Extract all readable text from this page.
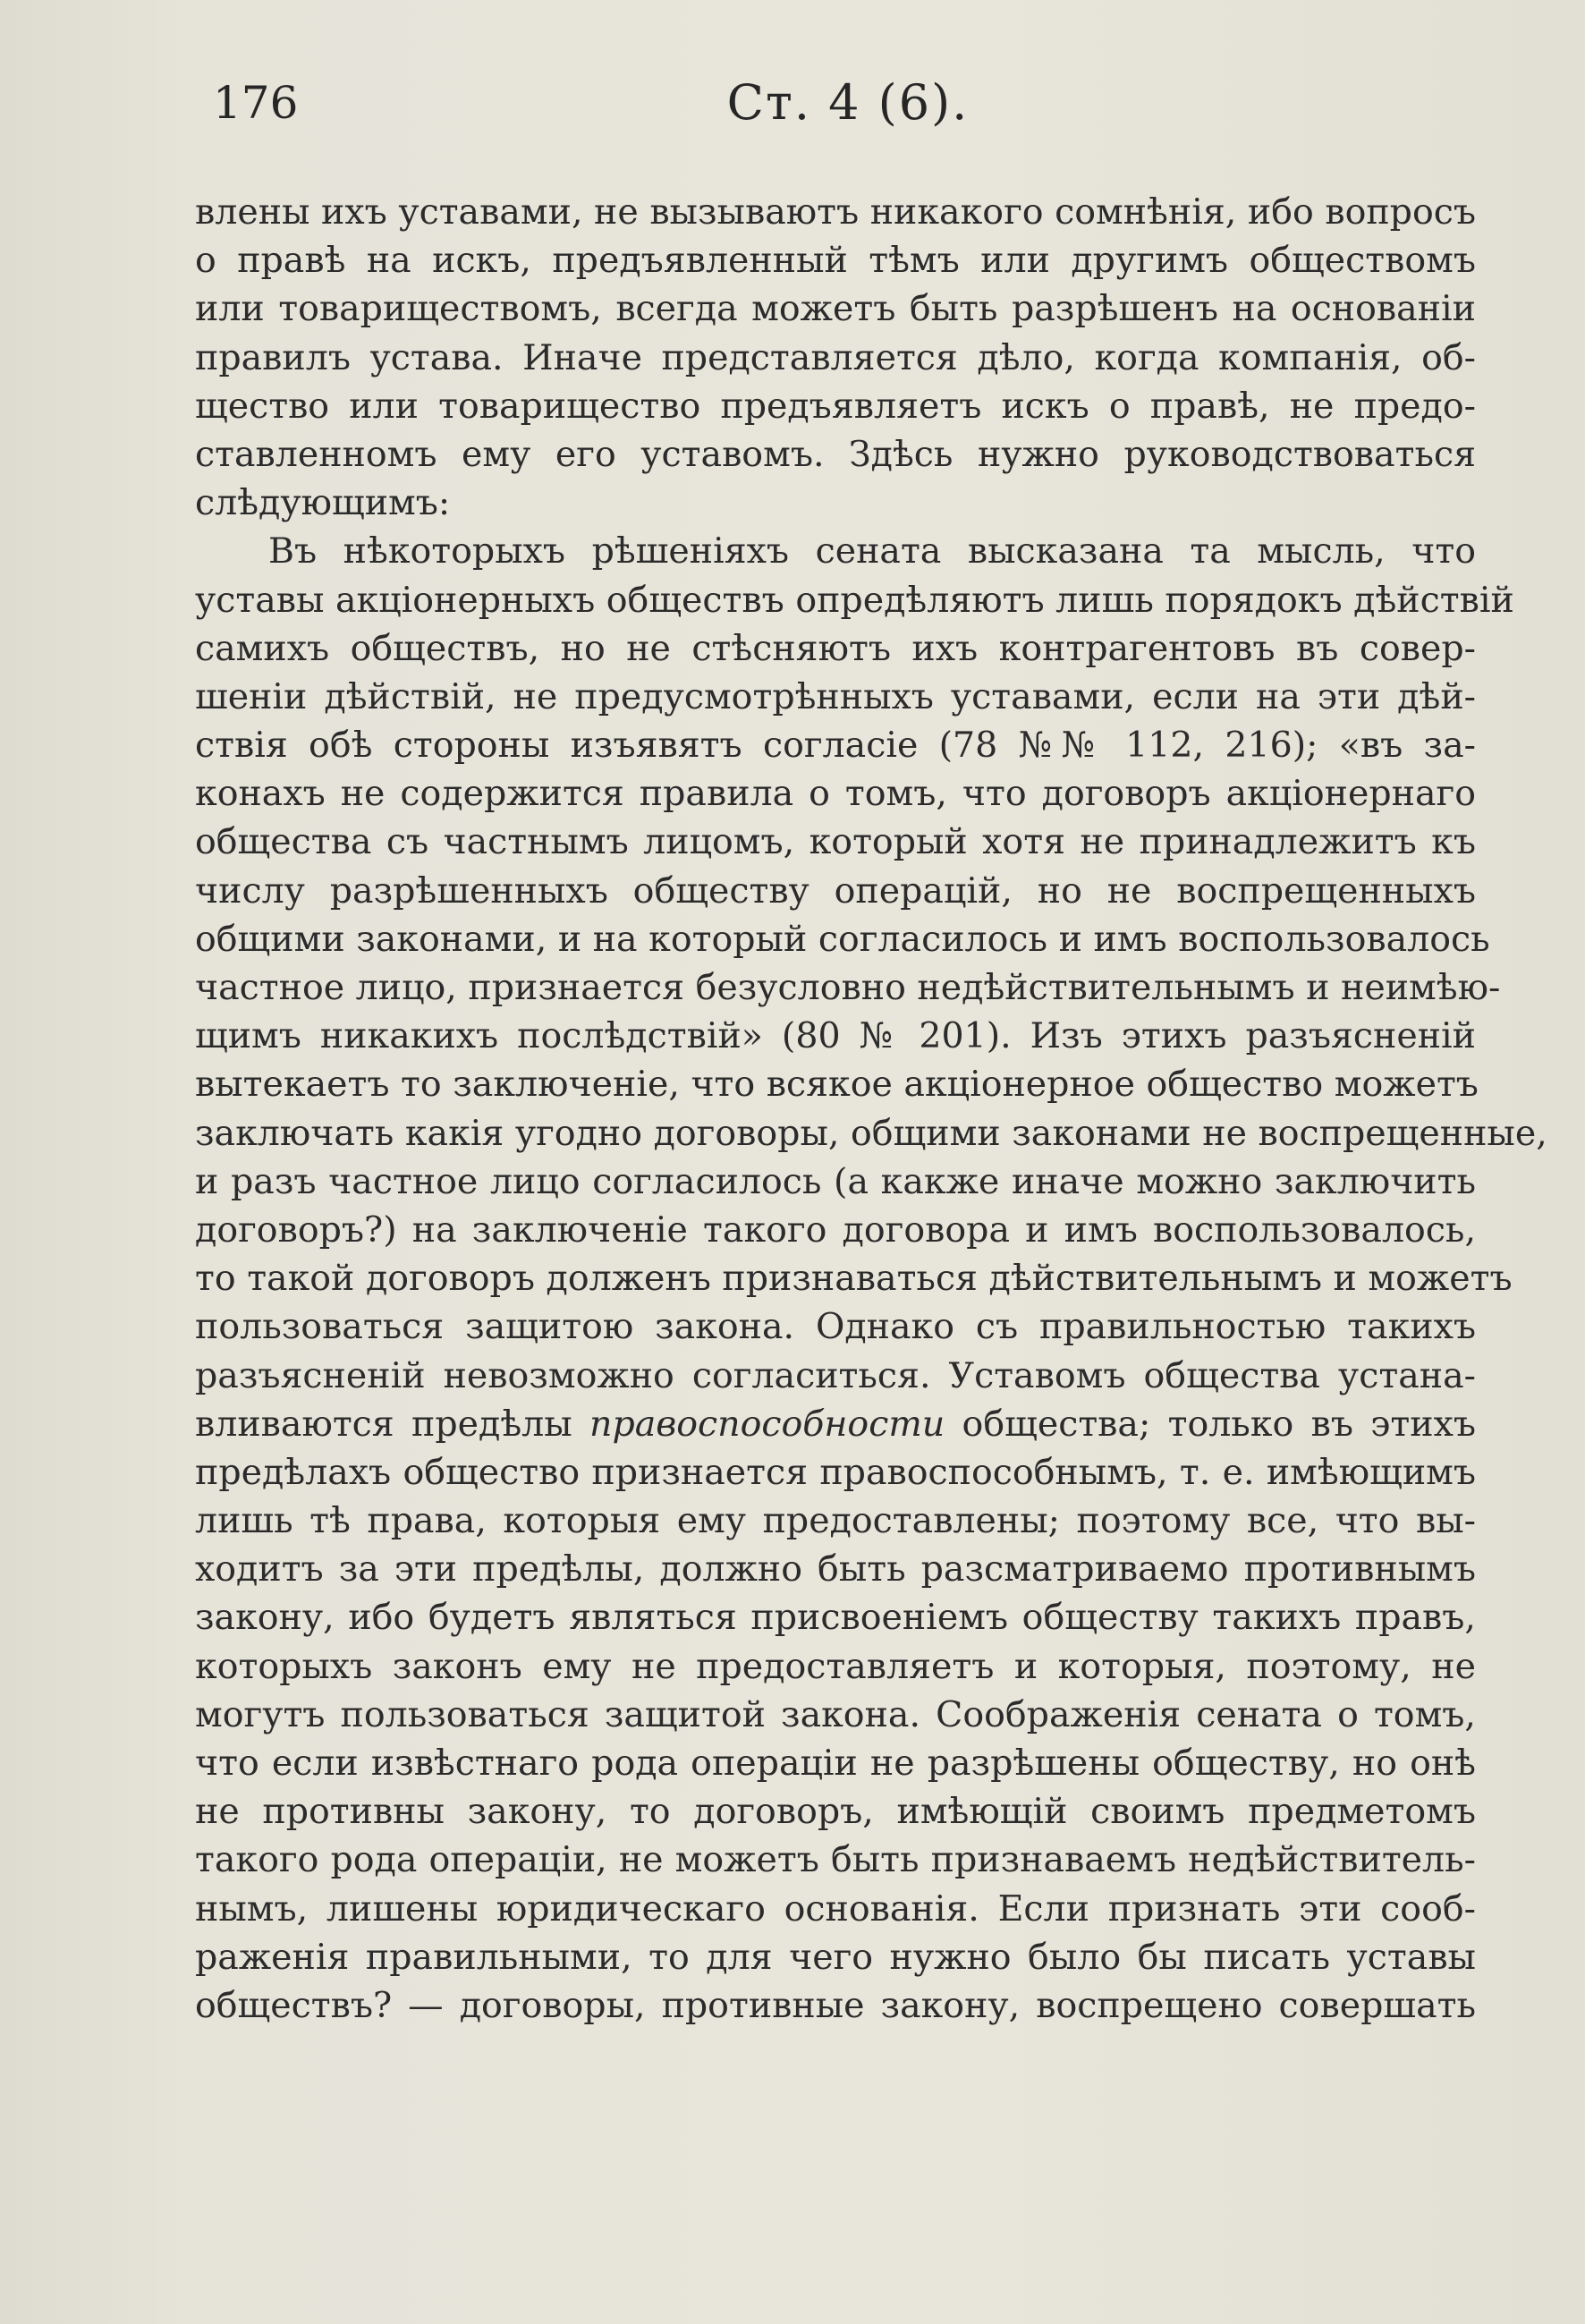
176	Ст. 4 (6).
влены ихъ уставами, не вызываютъ никакого сомнѣнія, ибо вопросъ
о правѣ на искъ, предъявленный тѣмъ или другимъ обществомъ
или товариществомъ, всегда можетъ быть разрѣшенъ на основаніи
правилъ устава. Иначе представляется дѣло, когда компанія, об-
щество или товарищество предъявляетъ искъ о правѣ, не предо-
ставленномъ ему его уставомъ. Здѣсь нужно руководствоваться
слѣдующимъ:
Въ нѣкоторыхъ рѣшеніяхъ сената высказана та мысль, что
уставы акціонерныхъ обществъ опредѣляютъ лишь порядокъ дѣйствій
самихъ обществъ, но не стѣсняютъ ихъ контрагентовъ въ совер-
шеніи дѣйствій, не предусмотрѣнныхъ уставами, если на эти дѣй-
ствія обѣ стороны изъявятъ согласіе (78 №№ 112, 216); «въ за-
конахъ не содержится правила о томъ, что договоръ акціонернаго
общества съ частнымъ лицомъ, который хотя не принадлежитъ къ
числу разрѣшенныхъ обществу операцій, но не воспрещенныхъ
общими законами, и на который согласилось и имъ воспользовалось
частное лицо, признается безусловно недѣйствительнымъ и неимѣю-
щимъ никакихъ послѣдствій» (80 № 201). Изъ этихъ разъясненій
вытекаетъ то заключеніе, что всякое акціонерное общество можетъ
заключать какія угодно договоры, общими законами не воспрещенные,
и разъ частное лицо согласилось (а какже иначе можно заключить
договоръ?) на заключеніе такого договора и имъ воспользовалось,
то такой договоръ долженъ признаваться дѣйствительнымъ и можетъ
пользоваться защитою закона. Однако съ правильностью такихъ
разъясненій невозможно согласиться. Уставомъ общества устана-
вливаются предѣлы правоспособности общества; только въ этихъ
предѣлахъ общество признается правоспособнымъ, т. е. имѣющимъ
лишь тѣ права, которыя ему предоставлены; поэтому все, что вы-
ходитъ за эти предѣлы, должно быть разсматриваемо противнымъ
закону, ибо будетъ являться присвоеніемъ обществу такихъ правъ,
которыхъ законъ ему не предоставляетъ и которыя, поэтому, не
могутъ пользоваться защитой закона. Соображенія сената о томъ,
что если извѣстнаго рода операціи не разрѣшены обществу, но онѣ
не противны закону, то договоръ, имѣющій своимъ предметомъ
такого рода операціи, не можетъ быть признаваемъ недѣйствитель-
нымъ, лишены юридическаго основанія. Если признать эти сооб-
раженія правильными, то для чего нужно было бы писать уставы
обществъ? — договоры, противные закону, воспрещено совершать
